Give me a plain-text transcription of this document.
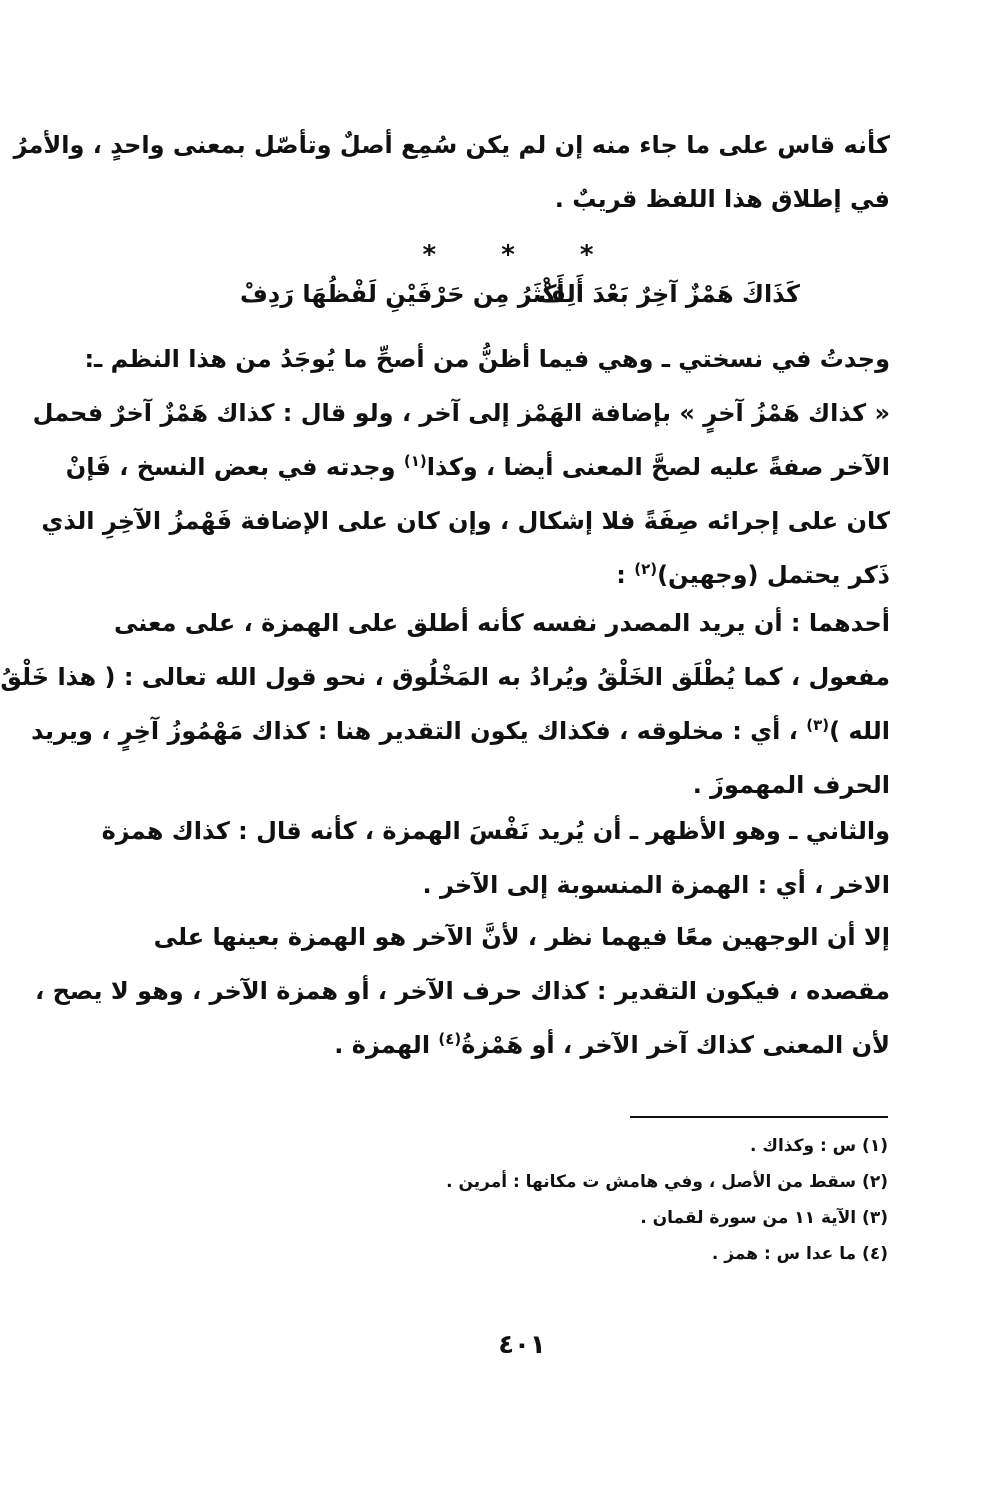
كأنه قاس على ما جاء منه إن لم يكن سُمِع أصلٌ وتأصّل بمعنى واحدٍ ، والأمرُ
في إطلاق هذا اللفظ قريبٌ .
* * *
كَذَاكَ هَمْزٌ آخِرٌ بَعْدَ أَلِفْ
أَكْثَرُ مِن حَرْفَيْنِ لَفْظُهَا رَدِفْ
وجدتُ في نسختي ـ وهي فيما أظنُّ من أصحِّ ما يُوجَدُ من هذا النظم ـ:
« كذاك هَمْزُ آخرٍ » بإضافة الهَمْز إلى آخر ، ولو قال : كذاك هَمْزٌ آخرٌ فحمل
الآخر صفةً عليه لصحَّ المعنى أيضا ، وكذا$^{(١)}$ وجدته في بعض النسخ ، فَإنْ
كان على إجرائه صِفَةً فلا إشكال ، وإن كان على الإضافة فَهْمزُ الآخِرِ الذي
ذَكر يحتمل (وجهين)$^{(٢)}$ :
أحدهما : أن يريد المصدر نفسه كأنه أطلق على الهمزة ، على معنى
مفعول ، كما يُطْلَق الخَلْقُ ويُرادُ به المَخْلُوق ، نحو قول الله تعالى : ( هذا خَلْقُ
الله )$^{(٣)}$ ، أي : مخلوقه ، فكذاك يكون التقدير هنا : كذاك مَهْمُوزُ آخِرٍ ، ويريد
الحرف المهموزَ .
والثاني ـ وهو الأظهر ـ أن يُريد نَفْسَ الهمزة ، كأنه قال : كذاك همزة
الاخر ، أي : الهمزة المنسوبة إلى الآخر .
إلا أن الوجهين معًا فيهما نظر ، لأنَّ الآخر هو الهمزة بعينها على
مقصده ، فيكون التقدير : كذاك حرف الآخر ، أو همزة الآخر ، وهو لا يصح ،
لأن المعنى كذاك آخر الآخر ، أو هَمْزةُ$^{(٤)}$ الهمزة .
(١) س : وكذاك .
(٢) سقط من الأصل ، وفي هامش ت مكانها : أمرين .
(٣) الآية ١١ من سورة لقمان .
(٤) ما عدا س : همز .
٤٠١
